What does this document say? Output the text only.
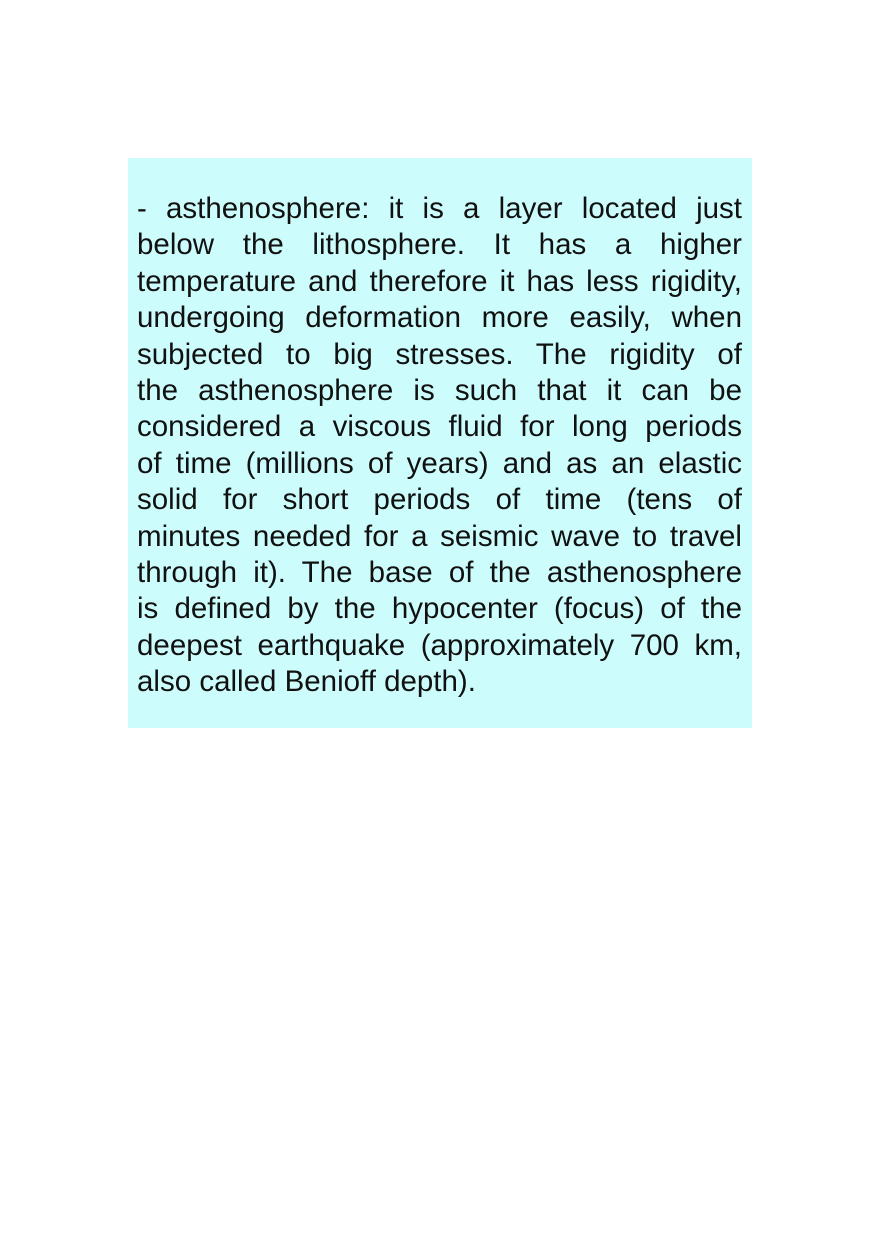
- asthenosphere: it is a layer located just
below the lithosphere. It has a higher
temperature and therefore it has less rigidity,
undergoing deformation more easily, when
subjected to big stresses. The rigidity of
the asthenosphere is such that it can be
considered a viscous fluid for long periods
of time (millions of years) and as an elastic
solid for short periods of time (tens of
minutes needed for a seismic wave to travel
through it). The base of the asthenosphere
is defined by the hypocenter (focus) of the
deepest earthquake (approximately 700 km,
also called Benioff depth).
